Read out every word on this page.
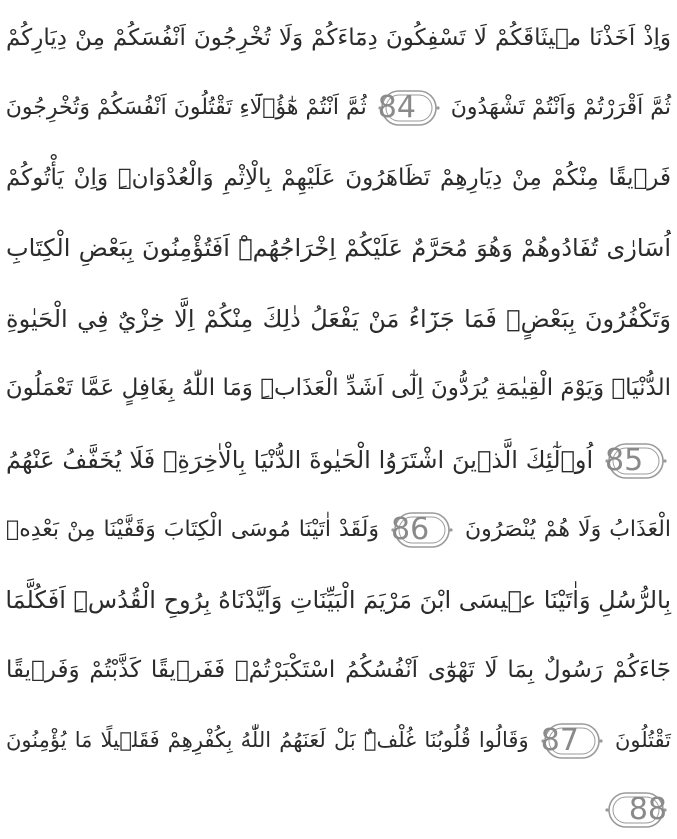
وَاِذْ اَخَذْنَا م۪يثَاقَكُمْ لَا تَسْفِكُونَ دِمَٓاءَكُمْ وَلَا تُخْرِجُونَ اَنْفُسَكُمْ مِنْ دِيَارِكُمْ
ثُمَّ اَقْرَرْتُمْ وَاَنْتُمْ تَشْهَدُونَ
84
ثُمَّ اَنْتُمْ هٰٓؤُ۬لَٓاءِ تَقْتُلُونَ اَنْفُسَكُمْ وَتُخْرِجُونَ
فَر۪يقًا مِنْكُمْ مِنْ دِيَارِهِمْ تَظَاهَرُونَ عَلَيْهِمْ بِالْاِثْمِ وَالْعُدْوَانِۜ وَاِنْ يَأْتُوكُمْ
اُسَارٰى تُفَادُوهُمْ وَهُوَ مُحَرَّمٌ عَلَيْكُمْ اِخْرَاجُهُمْۜ اَفَتُؤْمِنُونَ بِبَعْضِ الْكِتَابِ
وَتَكْفُرُونَ بِبَعْضٍۚ فَمَا جَزَٓاءُ مَنْ يَفْعَلُ ذٰلِكَ مِنْكُمْ اِلَّا خِزْيٌ فِي الْحَيٰوةِ
الدُّنْيَاۚ وَيَوْمَ الْقِيٰمَةِ يُرَدُّونَ اِلٰٓى اَشَدِّ الْعَذَابِۜ وَمَا اللّٰهُ بِغَافِلٍ عَمَّا تَعْمَلُونَ
85
اُو۬لٰٓئِكَ الَّذ۪ينَ اشْتَرَوُا الْحَيٰوةَ الدُّنْيَا بِالْاٰخِرَةِۘ فَلَا يُخَفَّفُ عَنْهُمُ
الْعَذَابُ وَلَا هُمْ يُنْصَرُونَ
86
وَلَقَدْ اٰتَيْنَا مُوسَى الْكِتَابَ وَقَفَّيْنَا مِنْ بَعْدِه۪
بِالرُّسُلِ وَاٰتَيْنَا ع۪يسَى ابْنَ مَرْيَمَ الْبَيِّنَاتِ وَاَيَّدْنَاهُ بِرُوحِ الْقُدُسِۜ اَفَكُلَّمَا
جَٓاءَكُمْ رَسُولٌ بِمَا لَا تَهْوٰٓى اَنْفُسُكُمُ اسْتَكْبَرْتُمْۚ فَفَر۪يقًا كَذَّبْتُمْ وَفَر۪يقًا
تَقْتُلُونَ
87
وَقَالُوا قُلُوبُنَا غُلْفٌۜ بَلْ لَعَنَهُمُ اللّٰهُ بِكُفْرِهِمْ فَقَل۪يلًا مَا يُؤْمِنُونَ
88
